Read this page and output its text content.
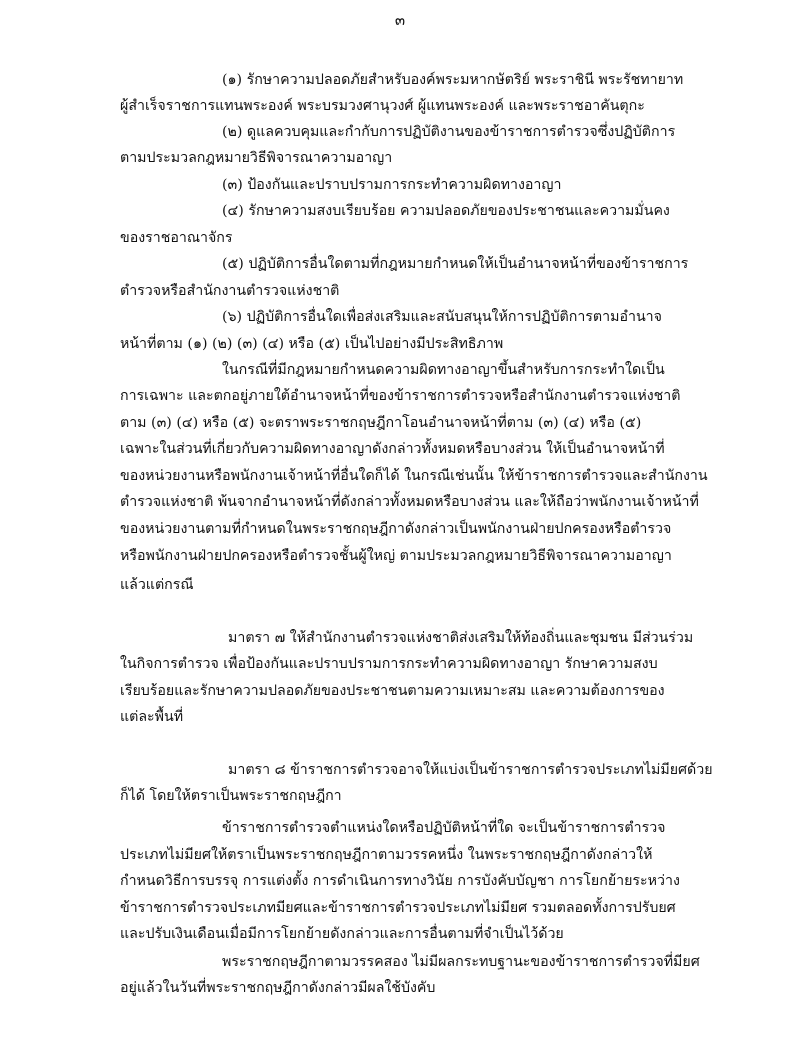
๓
(๑) รักษาความปลอดภัยสำหรับองค์พระมหากษัตริย์ พระราชินี พระรัชทายาท
ผู้สำเร็จราชการแทนพระองค์ พระบรมวงศานุวงศ์ ผู้แทนพระองค์ และพระราชอาคันตุกะ
(๒) ดูแลควบคุมและกำกับการปฏิบัติงานของข้าราชการตำรวจซึ่งปฏิบัติการ
ตามประมวลกฎหมายวิธีพิจารณาความอาญา
(๓) ป้องกันและปราบปรามการกระทำความผิดทางอาญา
(๔) รักษาความสงบเรียบร้อย ความปลอดภัยของประชาชนและความมั่นคง
ของราชอาณาจักร
(๕) ปฏิบัติการอื่นใดตามที่กฎหมายกำหนดให้เป็นอำนาจหน้าที่ของข้าราชการ
ตำรวจหรือสำนักงานตำรวจแห่งชาติ
(๖) ปฏิบัติการอื่นใดเพื่อส่งเสริมและสนับสนุนให้การปฏิบัติการตามอำนาจ
หน้าที่ตาม (๑) (๒) (๓) (๔) หรือ (๕) เป็นไปอย่างมีประสิทธิภาพ
ในกรณีที่มีกฎหมายกำหนดความผิดทางอาญาขึ้นสำหรับการกระทำใดเป็น
การเฉพาะ และตกอยู่ภายใต้อำนาจหน้าที่ของข้าราชการตำรวจหรือสำนักงานตำรวจแห่งชาติ
ตาม (๓) (๔) หรือ (๕) จะตราพระราชกฤษฎีกาโอนอำนาจหน้าที่ตาม (๓) (๔) หรือ (๕)
เฉพาะในส่วนที่เกี่ยวกับความผิดทางอาญาดังกล่าวทั้งหมดหรือบางส่วน ให้เป็นอำนาจหน้าที่
ของหน่วยงานหรือพนักงานเจ้าหน้าที่อื่นใดก็ได้ ในกรณีเช่นนั้น ให้ข้าราชการตำรวจและสำนักงาน
ตำรวจแห่งชาติ พ้นจากอำนาจหน้าที่ดังกล่าวทั้งหมดหรือบางส่วน และให้ถือว่าพนักงานเจ้าหน้าที่
ของหน่วยงานตามที่กำหนดในพระราชกฤษฎีกาดังกล่าวเป็นพนักงานฝ่ายปกครองหรือตำรวจ
หรือพนักงานฝ่ายปกครองหรือตำรวจชั้นผู้ใหญ่ ตามประมวลกฎหมายวิธีพิจารณาความอาญา
แล้วแต่กรณี
มาตรา ๗ ให้สำนักงานตำรวจแห่งชาติส่งเสริมให้ท้องถิ่นและชุมชน มีส่วนร่วม
ในกิจการตำรวจ เพื่อป้องกันและปราบปรามการกระทำความผิดทางอาญา รักษาความสงบ
เรียบร้อยและรักษาความปลอดภัยของประชาชนตามความเหมาะสม และความต้องการของ
แต่ละพื้นที่
มาตรา ๘ ข้าราชการตำรวจอาจให้แบ่งเป็นข้าราชการตำรวจประเภทไม่มียศด้วย
ก็ได้ โดยให้ตราเป็นพระราชกฤษฎีกา
ข้าราชการตำรวจตำแหน่งใดหรือปฏิบัติหน้าที่ใด จะเป็นข้าราชการตำรวจ
ประเภทไม่มียศให้ตราเป็นพระราชกฤษฎีกาตามวรรคหนึ่ง ในพระราชกฤษฎีกาดังกล่าวให้
กำหนดวิธีการบรรจุ การแต่งตั้ง การดำเนินการทางวินัย การบังคับบัญชา การโยกย้ายระหว่าง
ข้าราชการตำรวจประเภทมียศและข้าราชการตำรวจประเภทไม่มียศ รวมตลอดทั้งการปรับยศ
และปรับเงินเดือนเมื่อมีการโยกย้ายดังกล่าวและการอื่นตามที่จำเป็นไว้ด้วย
พระราชกฤษฎีกาตามวรรคสอง ไม่มีผลกระทบฐานะของข้าราชการตำรวจที่มียศ
อยู่แล้วในวันที่พระราชกฤษฎีกาดังกล่าวมีผลใช้บังคับ
